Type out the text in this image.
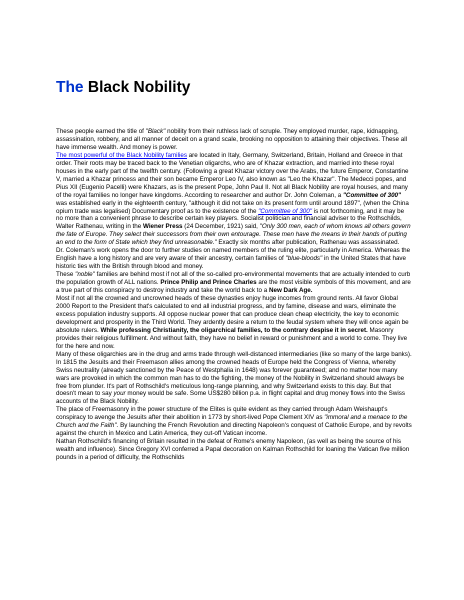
The Black Nobility

These people earned the title of "Black" nobility from their ruthless lack of scruple. They employed murder, rape, kidnapping, assassination, robbery, and all manner of deceit on a grand scale, brooking no opposition to attaining their objectives. These all have immense wealth. And money is power.

The most powerful of the Black Nobility families are located in Italy, Germany, Switzerland, Britain, Holland and Greece in that order. Their roots may be traced back to the Venetian oligarchs, who are of Khazar extraction, and married into these royal houses in the early part of the twelfth century. (Following a great Khazar victory over the Arabs, the future Emperor, Constantine V, married a Khazar princess and their son became Emperor Leo IV, also known as "Leo the Khazar". The Medecci popes, and Pius XII (Eugenio Pacelli) were Khazars, as is the present Pope, John Paul II. Not all Black Nobility are royal houses, and many of the royal families no longer have kingdoms. According to researcher and author Dr. John Coleman, a "Committee of 300" was established early in the eighteenth century, "although it did not take on its present form until around 1897", (when the China opium trade was legalised) Documentary proof as to the existence of the "Committee of 300" is not forthcoming, and it may be no more than a convenient phrase to describe certain key players. Socialist politician and financial adviser to the Rothschilds, Walter Rathenau, writing in the Wiener Press (24 December, 1921) said, "Only 300 men, each of whom knows all others govern the fate of Europe. They select their successors from their own entourage. These men have the means in their hands of putting an end to the form of State which they find unreasonable." Exactly six months after publication, Rathenau was assassinated.

Dr. Coleman's work opens the door to further studies on named members of the ruling elite, particularly in America. Whereas the English have a long history and are very aware of their ancestry, certain families of "blue-bloods" in the United States that have historic ties with the British through blood and money.

These "noble" families are behind most if not all of the so-called pro-environmental movements that are actually intended to curb the population growth of ALL nations. Prince Philip and Prince Charles are the most visible symbols of this movement, and are a true part of this conspiracy to destroy industry and take the world back to a New Dark Age.

Most if not all the crowned and uncrowned heads of these dynasties enjoy huge incomes from ground rents. All favor Global 2000 Report to the President that's calculated to end all industrial progress, and by famine, disease and wars, eliminate the excess population industry supports. All oppose nuclear power that can produce clean cheap electricity, the key to economic development and prosperity in the Third World. They ardently desire a return to the feudal system where they will once again be absolute rulers. While professing Christianity, the oligarchical families, to the contrary despise it in secret. Masonry provides their religious fulfillment. And without faith, they have no belief in reward or punishment and a world to come. They live for the here and now.

Many of these oligarchies are in the drug and arms trade through well-distanced intermediaries (like so many of the large banks).

In 1815 the Jesuits and their Freemason allies among the crowned heads of Europe held the Congress of Vienna, whereby Swiss neutrality (already sanctioned by the Peace of Westphalia in 1648) was forever guaranteed; and no matter how many wars are provoked in which the common man has to do the fighting, the money of the Nobility in Switzerland should always be free from plunder. It's part of Rothschild's meticulous long-range planning, and why Switzerland exists to this day. But that doesn't mean to say your money would be safe. Some US$280 billion p.a. in flight capital and drug money flows into the Swiss accounts of the Black Nobility.

The place of Freemasonry in the power structure of the Elites is quite evident as they carried through Adam Weishaupt's conspiracy to avenge the Jesuits after their abolition in 1773 by short-lived Pope Clement XIV as "immoral and a menace to the Church and the Faith". By launching the French Revolution and directing Napoleon's conquest of Catholic Europe, and by revolts against the church in Mexico and Latin America, they cut-off Vatican income.

Nathan Rothschild's financing of Britain resulted in the defeat of Rome's enemy Napoleon, (as well as being the source of his wealth and influence). Since Gregory XVI conferred a Papal decoration on Kalman Rothschild for loaning the Vatican five million pounds in a period of difficulty, the Rothschilds
